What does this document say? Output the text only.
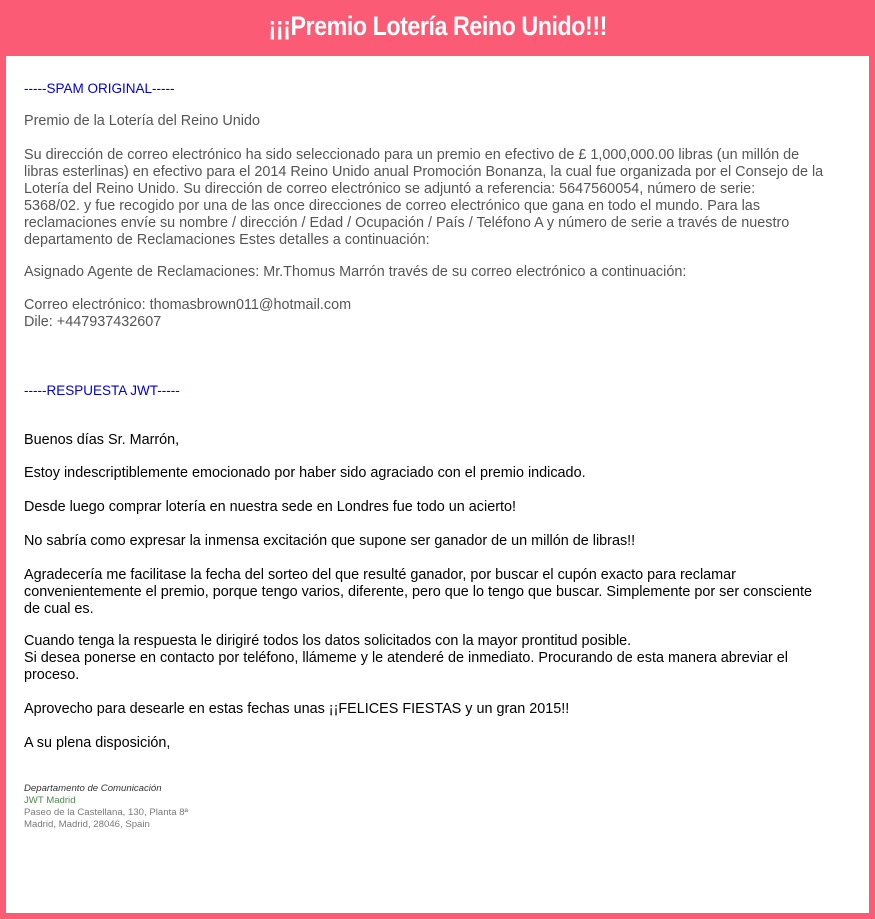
¡¡¡Premio Lotería Reino Unido!!!
-----SPAM ORIGINAL-----
Premio de la Lotería del Reino Unido
Su dirección de correo electrónico ha sido seleccionado para un premio en efectivo de £ 1,000,000.00 libras (un millón de
libras esterlinas) en efectivo para el 2014 Reino Unido anual Promoción Bonanza, la cual fue organizada por el Consejo de la
Lotería del Reino Unido. Su dirección de correo electrónico se adjuntó a referencia: 5647560054, número de serie:
5368/02. y fue recogido por una de las once direcciones de correo electrónico que gana en todo el mundo. Para las
reclamaciones envíe su nombre / dirección / Edad / Ocupación / País / Teléfono A y número de serie a través de nuestro
departamento de Reclamaciones Estes detalles a continuación:
Asignado Agente de Reclamaciones: Mr.Thomus Marrón través de su correo electrónico a continuación:
Correo electrónico: thomasbrown011@hotmail.com
Dile: +447937432607
-----RESPUESTA JWT-----
Buenos días Sr. Marrón,
Estoy indescriptiblemente emocionado por haber sido agraciado con el premio indicado.
Desde luego comprar lotería en nuestra sede en Londres fue todo un acierto!
No sabría como expresar la inmensa excitación que supone ser ganador de un millón de libras!!
Agradecería me facilitase la fecha del sorteo del que resulté ganador, por buscar el cupón exacto para reclamar
convenientemente el premio, porque tengo varios, diferente, pero que lo tengo que buscar. Simplemente por ser consciente
de cual es.
Cuando tenga la respuesta le dirigiré todos los datos solicitados con la mayor prontitud posible.
Si desea ponerse en contacto por teléfono, llámeme y le atenderé de inmediato. Procurando de esta manera abreviar el
proceso.
Aprovecho para desearle en estas fechas unas ¡¡FELICES FIESTAS y un gran 2015!!
A su plena disposición,
Departamento de Comunicación
JWT Madrid
Paseo de la Castellana, 130, Planta 8ª
Madrid, Madrid, 28046, Spain
